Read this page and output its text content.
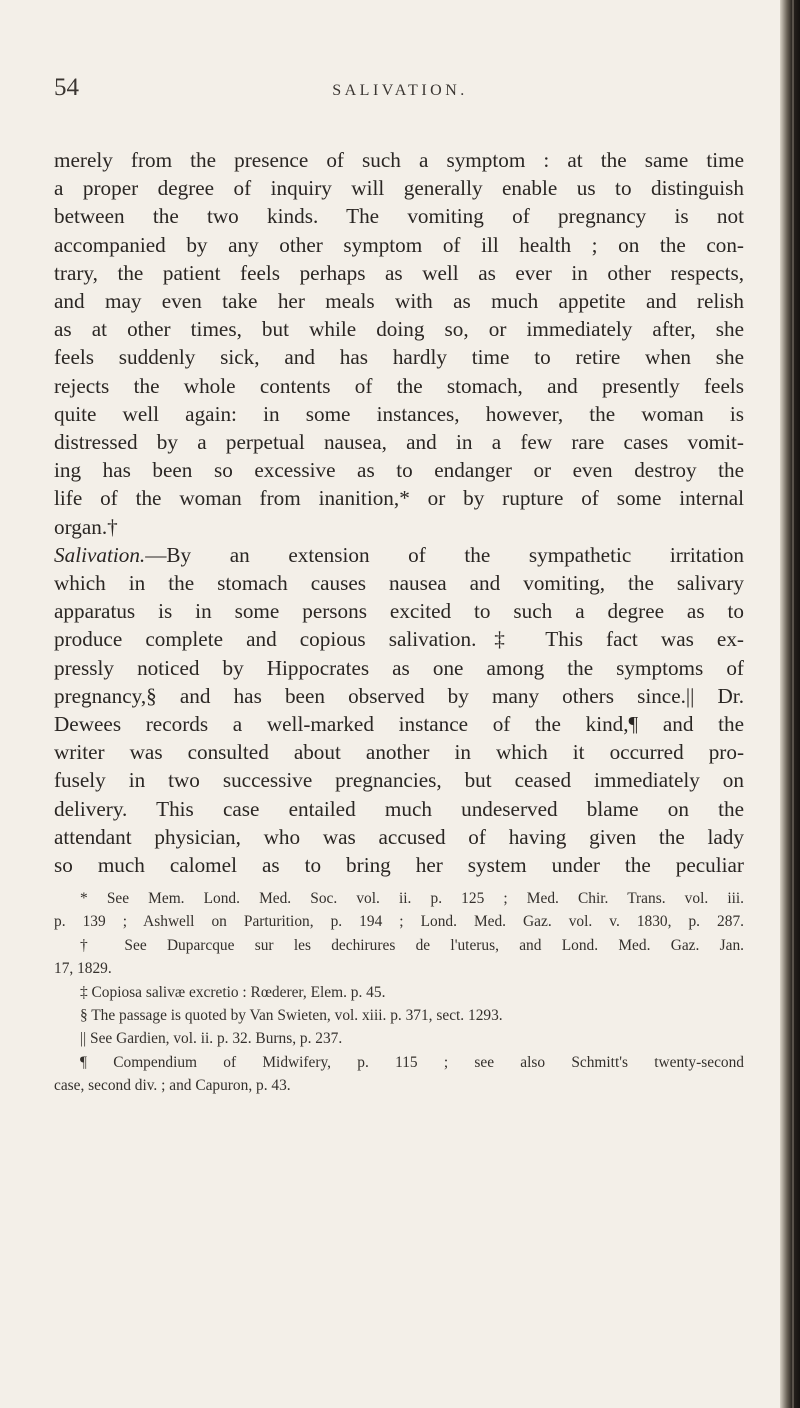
54	SALIVATION.
merely from the presence of such a symptom : at the same time
a proper degree of inquiry will generally enable us to distinguish
between the two kinds. The vomiting of pregnancy is not
accompanied by any other symptom of ill health ; on the con-
trary, the patient feels perhaps as well as ever in other respects,
and may even take her meals with as much appetite and relish
as at other times, but while doing so, or immediately after, she
feels suddenly sick, and has hardly time to retire when she
rejects the whole contents of the stomach, and presently feels
quite well again: in some instances, however, the woman is
distressed by a perpetual nausea, and in a few rare cases vomit-
ing has been so excessive as to endanger or even destroy the
life of the woman from inanition,* or by rupture of some internal
organ.†
Salivation.—By an extension of the sympathetic irritation
which in the stomach causes nausea and vomiting, the salivary
apparatus is in some persons excited to such a degree as to
produce complete and copious salivation.‡ This fact was ex-
pressly noticed by Hippocrates as one among the symptoms of
pregnancy,§ and has been observed by many others since.|| Dr.
Dewees records a well-marked instance of the kind,¶ and the
writer was consulted about another in which it occurred pro-
fusely in two successive pregnancies, but ceased immediately on
delivery. This case entailed much undeserved blame on the
attendant physician, who was accused of having given the lady
so much calomel as to bring her system under the peculiar
* See Mem. Lond. Med. Soc. vol. ii. p. 125 ; Med. Chir. Trans. vol. iii.
p. 139 ; Ashwell on Parturition, p. 194 ; Lond. Med. Gaz. vol. v. 1830, p. 287.
† See Duparcque sur les dechirures de l'uterus, and Lond. Med. Gaz. Jan.
17, 1829.
‡ Copiosa salivæ excretio : Rœderer, Elem. p. 45.
§ The passage is quoted by Van Swieten, vol. xiii. p. 371, sect. 1293.
|| See Gardien, vol. ii. p. 32. Burns, p. 237.
¶ Compendium of Midwifery, p. 115 ; see also Schmitt's twenty-second
case, second div. ; and Capuron, p. 43.
